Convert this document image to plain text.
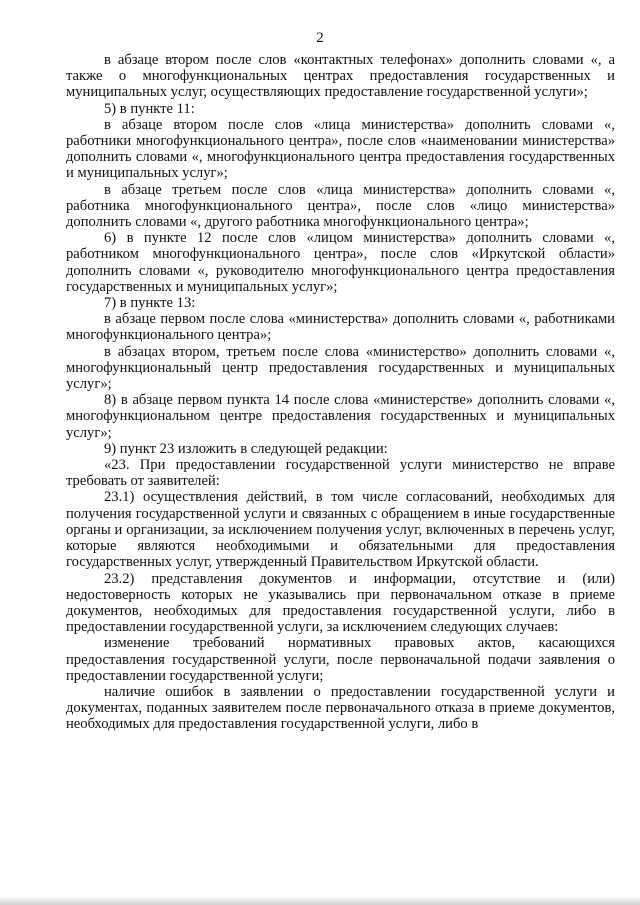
2

в абзаце втором после слов «контактных телефонах» дополнить словами «, а также о многофункциональных центрах предоставления государственных и муниципальных услуг, осуществляющих предоставление государственной услуги»;

5) в пункте 11:

в абзаце втором после слов «лица министерства» дополнить словами «, работники многофункционального центра», после слов «наименовании министерства» дополнить словами «, многофункционального центра предоставления государственных и муниципальных услуг»;

в абзаце третьем после слов «лица министерства» дополнить словами «, работника многофункционального центра», после слов «лицо министерства» дополнить словами «, другого работника многофункционального центра»;

6) в пункте 12 после слов «лицом министерства» дополнить словами «, работником многофункционального центра», после слов «Иркутской области» дополнить словами «, руководителю многофункционального центра предоставления государственных и муниципальных услуг»;

7) в пункте 13:

в абзаце первом после слова «министерства» дополнить словами «, работниками многофункционального центра»;

в абзацах втором, третьем после слова «министерство» дополнить словами «, многофункциональный центр предоставления государственных и муниципальных услуг»;

8) в абзаце первом пункта 14 после слова «министерстве» дополнить словами «, многофункциональном центре предоставления государственных и муниципальных услуг»;

9) пункт 23 изложить в следующей редакции:

«23. При предоставлении государственной услуги министерство не вправе требовать от заявителей:

23.1) осуществления действий, в том числе согласований, необходимых для получения государственной услуги и связанных с обращением в иные государственные органы и организации, за исключением получения услуг, включенных в перечень услуг, которые являются необходимыми и обязательными для предоставления государственных услуг, утвержденный Правительством Иркутской области.

23.2) представления документов и информации, отсутствие и (или) недостоверность которых не указывались при первоначальном отказе в приеме документов, необходимых для предоставления государственной услуги, либо в предоставлении государственной услуги, за исключением следующих случаев:

изменение требований нормативных правовых актов, касающихся предоставления государственной услуги, после первоначальной подачи заявления о предоставлении государственной услуги;

наличие ошибок в заявлении о предоставлении государственной услуги и документах, поданных заявителем после первоначального отказа в приеме документов, необходимых для предоставления государственной услуги, либо в
